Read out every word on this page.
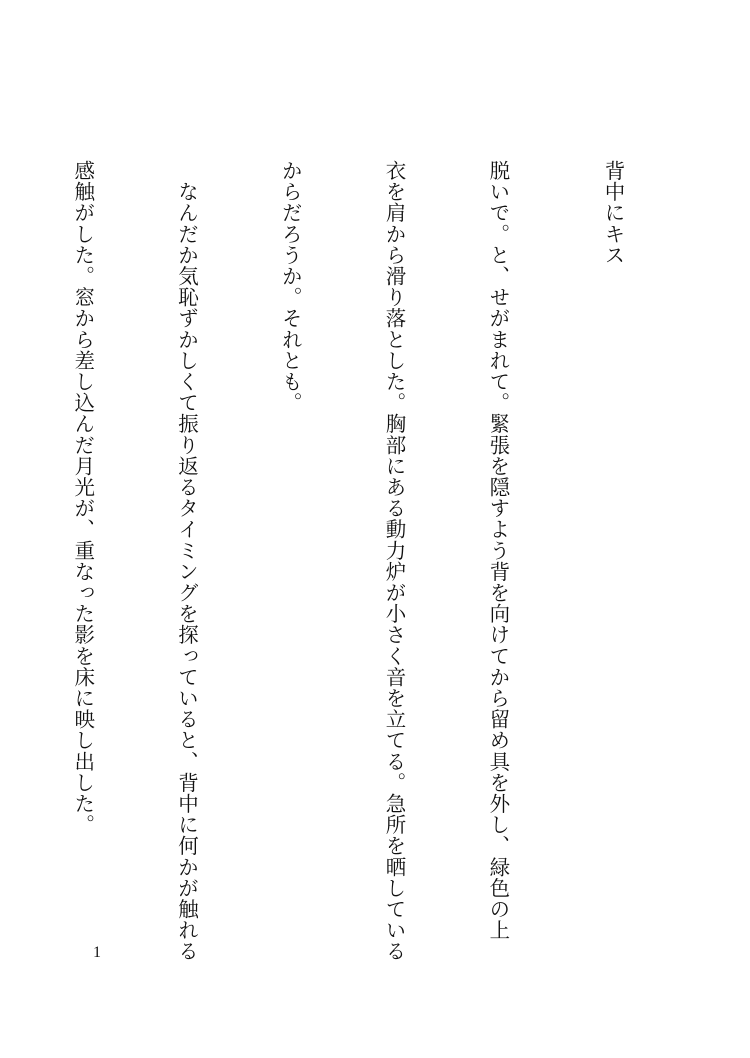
背中にキス

脱いで。と、せがまれて。緊張を隠すよう背を向けてから留め具を外し、緑色の上

衣を肩から滑り落とした。胸部にある動力炉が小さく音を立てる。急所を晒している

からだろうか。それとも。

　なんだか気恥ずかしくて振り返るタイミングを探っていると、背中に何かが触れる

感触がした。窓から差し込んだ月光が、重なった影を床に映し出した。

1
